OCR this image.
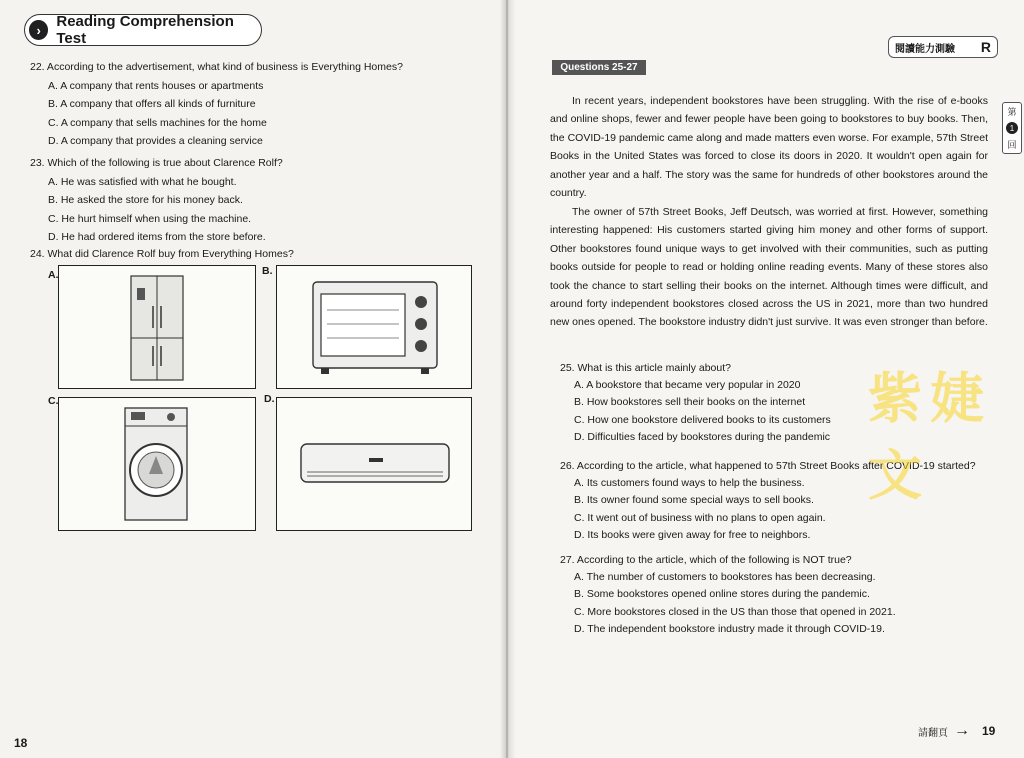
›	Reading Comprehension Test

22. According to the advertisement, what kind of business is Everything Homes?

A. A company that rents houses or apartments

B. A company that offers all kinds of furniture

C. A company that sells machines for the home

D. A company that provides a cleaning service

23. Which of the following is true about Clarence Rolf?

A. He was satisfied with what he bought.

B. He asked the store for his money back.

C. He hurt himself when using the machine.

D. He had ordered items from the store before.

24. What did Clarence Rolf buy from Everything Homes?

A.	B.
C.	D.
18
閱讀能力測驗 R
第
1
回
Questions 25-27

In recent years, independent bookstores have been struggling. With the rise of e-books and online shops, fewer and fewer people have been going to bookstores to buy books. Then, the COVID-19 pandemic came along and made matters even worse. For example, 57th Street Books in the United States was forced to close its doors in 2020. It wouldn't open again for another year and a half. The story was the same for hundreds of other bookstores around the country.

The owner of 57th Street Books, Jeff Deutsch, was worried at first. However, something interesting happened: His customers started giving him money and other forms of support. Other bookstores found unique ways to get involved with their communities, such as putting books outside for people to read or holding online reading events. Many of these stores also took the chance to start selling their books on the internet. Although times were difficult, and around forty independent bookstores closed across the US in 2021, more than two hundred new ones opened. The bookstore industry didn't just survive. It was even stronger than before.

25. What is this article mainly about?

A. A bookstore that became very popular in 2020

B. How bookstores sell their books on the internet

C. How one bookstore delivered books to its customers

D. Difficulties faced by bookstores during the pandemic

26. According to the article, what happened to 57th Street Books after COVID-19 started?

A. Its customers found ways to help the business.

B. Its owner found some special ways to sell books.

C. It went out of business with no plans to open again.

D. Its books were given away for free to neighbors.

27. According to the article, which of the following is NOT true?

A. The number of customers to bookstores has been decreasing.

B. Some bookstores opened online stores during the pandemic.

C. More bookstores closed in the US than those that opened in 2021.

D. The independent bookstore industry made it through COVID-19.

紫婕文
請翻頁 → 19
